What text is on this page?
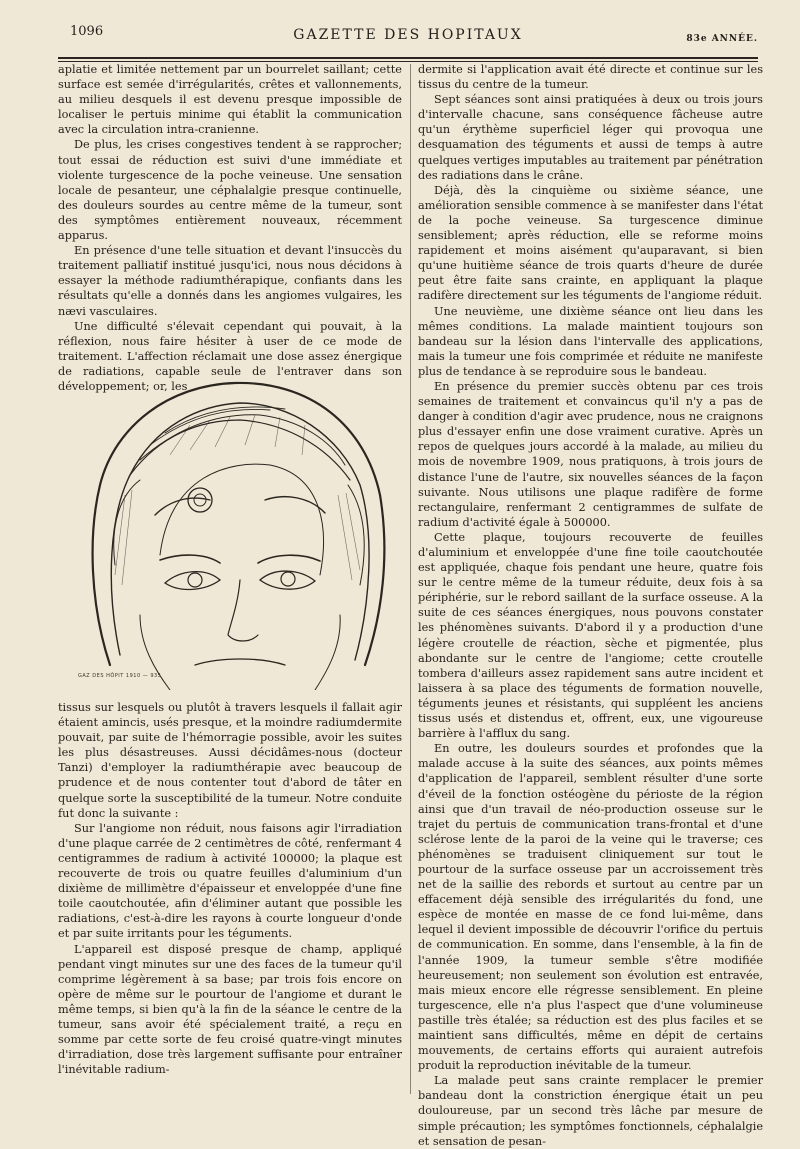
1096	GAZETTE DES HOPITAUX	83e ANNÉE.

aplatie et limitée nettement par un bourrelet saillant; cette surface est semée d'irrégularités, crêtes et vallonnements, au milieu desquels il est devenu presque impossible de localiser le pertuis minime qui établit la communication avec la circulation intra-cranienne.

De plus, les crises congestives tendent à se rapprocher; tout essai de réduction est suivi d'une immédiate et violente turgescence de la poche veineuse. Une sensation locale de pesanteur, une céphalalgie presque continuelle, des douleurs sourdes au centre même de la tumeur, sont des symptômes entièrement nouveaux, récemment apparus.

En présence d'une telle situation et devant l'insuccès du traitement palliatif institué jusqu'ici, nous nous décidons à essayer la méthode radiumthérapique, confiants dans les résultats qu'elle a donnés dans les angiomes vulgaires, les nævi vasculaires.

Une difficulté s'élevait cependant qui pouvait, à la réflexion, nous faire hésiter à user de ce mode de traitement. L'affection réclamait une dose assez énergique de radiations, capable seule de l'entraver dans son développement; or, les

GAZ DES HÔPIT 1910 — 935

tissus sur lesquels ou plutôt à travers lesquels il fallait agir étaient amincis, usés presque, et la moindre radiumdermite pouvait, par suite de l'hémorragie possible, avoir les suites les plus désastreuses. Aussi décidâmes-nous (docteur Tanzi) d'employer la radiumthérapie avec beaucoup de prudence et de nous contenter tout d'abord de tâter en quelque sorte la susceptibilité de la tumeur. Notre conduite fut donc la suivante :

Sur l'angiome non réduit, nous faisons agir l'irradiation d'une plaque carrée de 2 centimètres de côté, renfermant 4 centigrammes de radium à activité 100000; la plaque est recouverte de trois ou quatre feuilles d'aluminium d'un dixième de millimètre d'épaisseur et enveloppée d'une fine toile caoutchoutée, afin d'éliminer autant que possible les radiations, c'est-à-dire les rayons à courte longueur d'onde et par suite irritants pour les téguments.

L'appareil est disposé presque de champ, appliqué pendant vingt minutes sur une des faces de la tumeur qu'il comprime légèrement à sa base; par trois fois encore on opère de même sur le pourtour de l'angiome et durant le même temps, si bien qu'à la fin de la séance le centre de la tumeur, sans avoir été spécialement traité, a reçu en somme par cette sorte de feu croisé quatre-vingt minutes d'irradiation, dose très largement suffisante pour entraîner l'inévitable radium-

dermite si l'application avait été directe et continue sur les tissus du centre de la tumeur.

Sept séances sont ainsi pratiquées à deux ou trois jours d'intervalle chacune, sans conséquence fâcheuse autre qu'un érythème superficiel léger qui provoqua une desquamation des téguments et aussi de temps à autre quelques vertiges imputables au traitement par pénétration des radiations dans le crâne.

Déjà, dès la cinquième ou sixième séance, une amélioration sensible commence à se manifester dans l'état de la poche veineuse. Sa turgescence diminue sensiblement; après réduction, elle se reforme moins rapidement et moins aisément qu'auparavant, si bien qu'une huitième séance de trois quarts d'heure de durée peut être faite sans crainte, en appliquant la plaque radifère directement sur les téguments de l'angiome réduit.

Une neuvième, une dixième séance ont lieu dans les mêmes conditions. La malade maintient toujours son bandeau sur la lésion dans l'intervalle des applications, mais la tumeur une fois comprimée et réduite ne manifeste plus de tendance à se reproduire sous le bandeau.

En présence du premier succès obtenu par ces trois semaines de traitement et convaincus qu'il n'y a pas de danger à condition d'agir avec prudence, nous ne craignons plus d'essayer enfin une dose vraiment curative. Après un repos de quelques jours accordé à la malade, au milieu du mois de novembre 1909, nous pratiquons, à trois jours de distance l'une de l'autre, six nouvelles séances de la façon suivante. Nous utilisons une plaque radifère de forme rectangulaire, renfermant 2 centigrammes de sulfate de radium d'activité égale à 500000.

Cette plaque, toujours recouverte de feuilles d'aluminium et enveloppée d'une fine toile caoutchoutée est appliquée, chaque fois pendant une heure, quatre fois sur le centre même de la tumeur réduite, deux fois à sa périphérie, sur le rebord saillant de la surface osseuse. A la suite de ces séances énergiques, nous pouvons constater les phénomènes suivants. D'abord il y a production d'une légère croutelle de réaction, sèche et pigmentée, plus abondante sur le centre de l'angiome; cette croutelle tombera d'ailleurs assez rapidement sans autre incident et laissera à sa place des téguments de formation nouvelle, téguments jeunes et résistants, qui suppléent les anciens tissus usés et distendus et, offrent, eux, une vigoureuse barrière à l'afflux du sang.

En outre, les douleurs sourdes et profondes que la malade accuse à la suite des séances, aux points mêmes d'application de l'appareil, semblent résulter d'une sorte d'éveil de la fonction ostéogène du périoste de la région ainsi que d'un travail de néo-production osseuse sur le trajet du pertuis de communication trans-frontal et d'une sclérose lente de la paroi de la veine qui le traverse; ces phénomènes se traduisent cliniquement sur tout le pourtour de la surface osseuse par un accroissement très net de la saillie des rebords et surtout au centre par un effacement déjà sensible des irrégularités du fond, une espèce de montée en masse de ce fond lui-même, dans lequel il devient impossible de découvrir l'orifice du pertuis de communication. En somme, dans l'ensemble, à la fin de l'année 1909, la tumeur semble s'être modifiée heureusement; non seulement son évolution est entravée, mais mieux encore elle régresse sensiblement. En pleine turgescence, elle n'a plus l'aspect que d'une volumineuse pastille très étalée; sa réduction est des plus faciles et se maintient sans difficultés, même en dépit de certains mouvements, de certains efforts qui auraient autrefois produit la reproduction inévitable de la tumeur.

La malade peut sans crainte remplacer le premier bandeau dont la constriction énergique était un peu douloureuse, par un second très lâche par mesure de simple précaution; les symptômes fonctionnels, céphalalgie et sensation de pesan-
